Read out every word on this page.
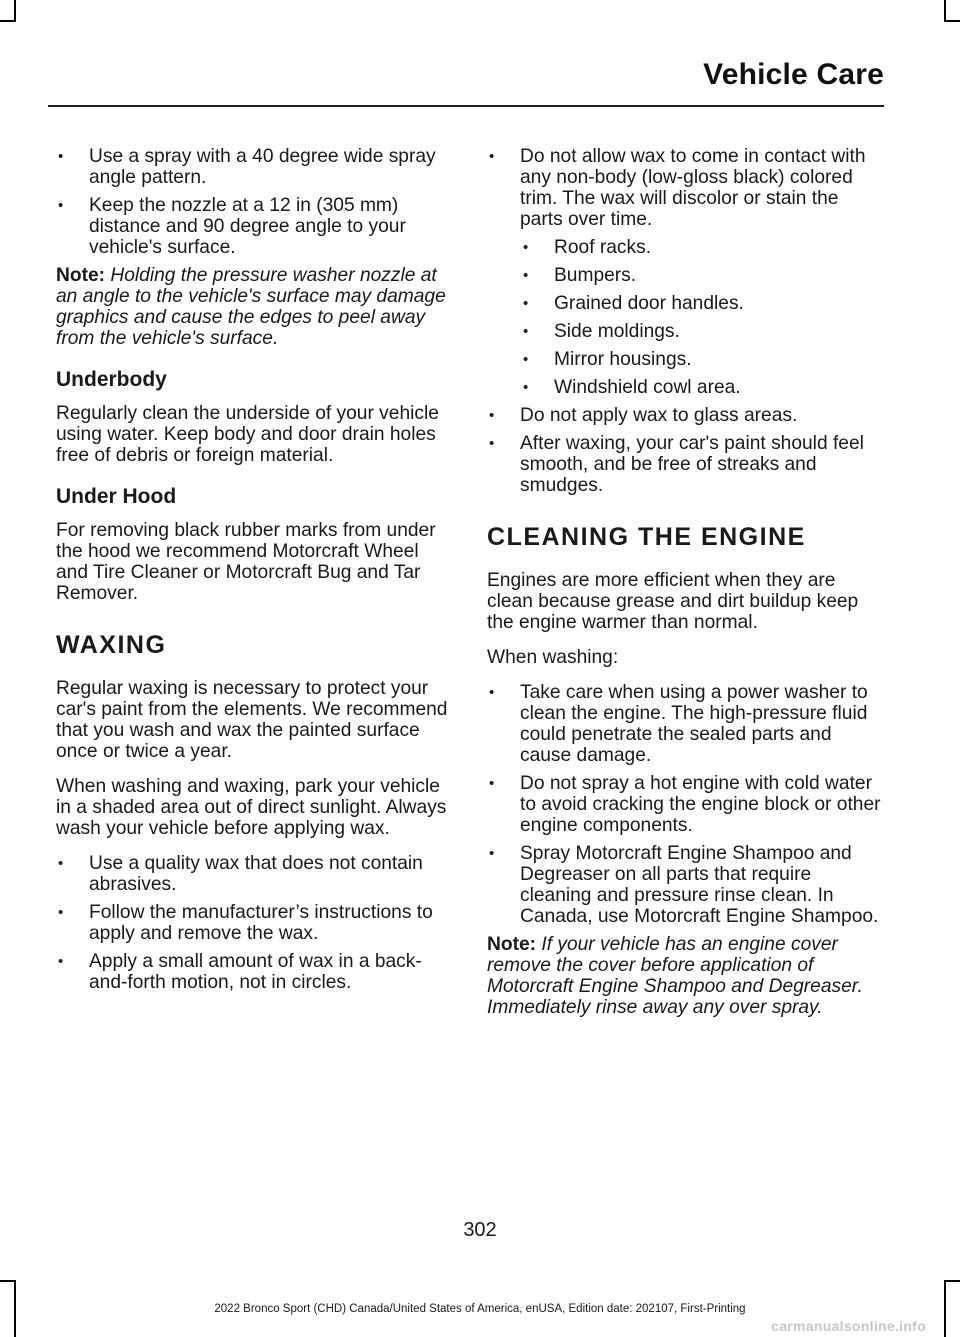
Vehicle Care
• Use a spray with a 40 degree wide spray angle pattern.
• Keep the nozzle at a 12 in (305 mm) distance and 90 degree angle to your vehicle's surface.

Note: Holding the pressure washer nozzle at an angle to the vehicle's surface may damage graphics and cause the edges to peel away from the vehicle's surface.

Underbody

Regularly clean the underside of your vehicle using water. Keep body and door drain holes free of debris or foreign material.

Under Hood

For removing black rubber marks from under the hood we recommend Motorcraft Wheel and Tire Cleaner or Motorcraft Bug and Tar Remover.

WAXING

Regular waxing is necessary to protect your car's paint from the elements. We recommend that you wash and wax the painted surface once or twice a year.

When washing and waxing, park your vehicle in a shaded area out of direct sunlight. Always wash your vehicle before applying wax.

• Use a quality wax that does not contain abrasives.
• Follow the manufacturer’s instructions to apply and remove the wax.
• Apply a small amount of wax in a back-and-forth motion, not in circles.
• Do not allow wax to come in contact with any non-body (low-gloss black) colored trim. The wax will discolor or stain the parts over time.
• Roof racks.
• Bumpers.
• Grained door handles.
• Side moldings.
• Mirror housings.
• Windshield cowl area.
• Do not apply wax to glass areas.
• After waxing, your car's paint should feel smooth, and be free of streaks and smudges.
CLEANING THE ENGINE

Engines are more efficient when they are clean because grease and dirt buildup keep the engine warmer than normal.

When washing:

• Take care when using a power washer to clean the engine. The high-pressure fluid could penetrate the sealed parts and cause damage.
• Do not spray a hot engine with cold water to avoid cracking the engine block or other engine components.
• Spray Motorcraft Engine Shampoo and Degreaser on all parts that require cleaning and pressure rinse clean. In Canada, use Motorcraft Engine Shampoo.

Note: If your vehicle has an engine cover remove the cover before application of Motorcraft Engine Shampoo and Degreaser. Immediately rinse away any over spray.

302
2022 Bronco Sport (CHD) Canada/United States of America, enUSA, Edition date: 202107, First-Printing
carmanualsonline.info
